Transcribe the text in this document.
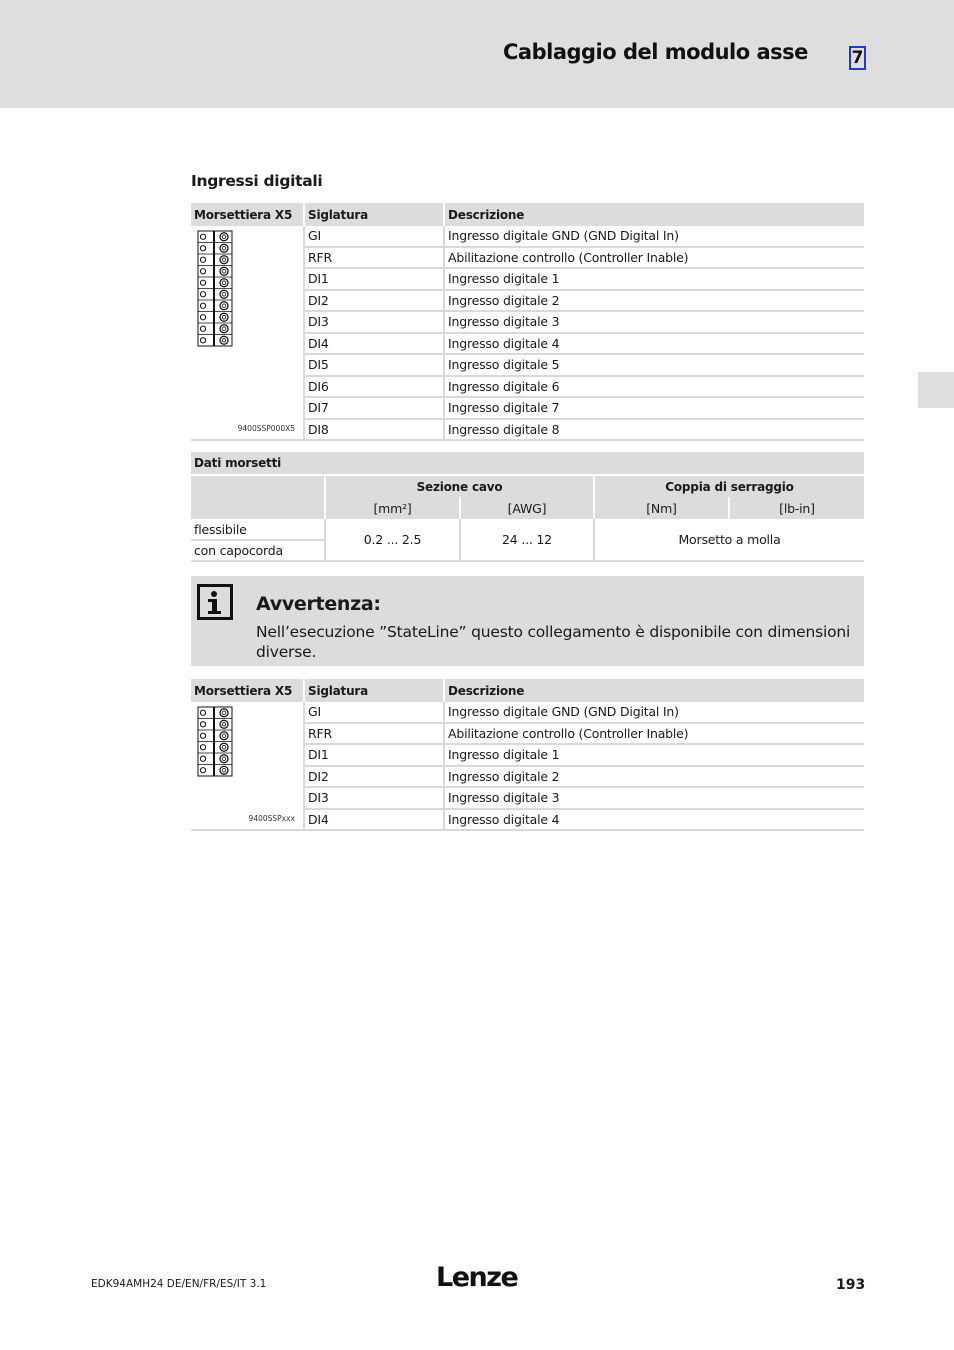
Cablaggio del modulo asse	7
Ingressi digitali
Morsettiera X5	Siglatura	Descrizione

9400SSP000X5	GI	Ingresso digitale GND (GND Digital In)
	RFR	Abilitazione controllo (Controller Inable)
	DI1	Ingresso digitale 1
	DI2	Ingresso digitale 2
	DI3	Ingresso digitale 3
	DI4	Ingresso digitale 4
	DI5	Ingresso digitale 5
	DI6	Ingresso digitale 6
	DI7	Ingresso digitale 7
	DI8	Ingresso digitale 8
Dati morsetti				
	Sezione cavo		Coppia di serraggio	
	[mm²]	[AWG]	[Nm]	[lb-in]
flessibile	0.2 ... 2.5	24 ... 12	Morsetto a molla	
con capocorda				
Avvertenza:
Nell’esecuzione ”StateLine” questo collegamento è disponibile con dimensioni diverse.
Morsettiera X5	Siglatura	Descrizione

9400SSPxxx	GI	Ingresso digitale GND (GND Digital In)
	RFR	Abilitazione controllo (Controller Inable)
	DI1	Ingresso digitale 1
	DI2	Ingresso digitale 2
	DI3	Ingresso digitale 3
	DI4	Ingresso digitale 4
EDK94AMH24 DE/EN/FR/ES/IT 3.1	Lenze	193
